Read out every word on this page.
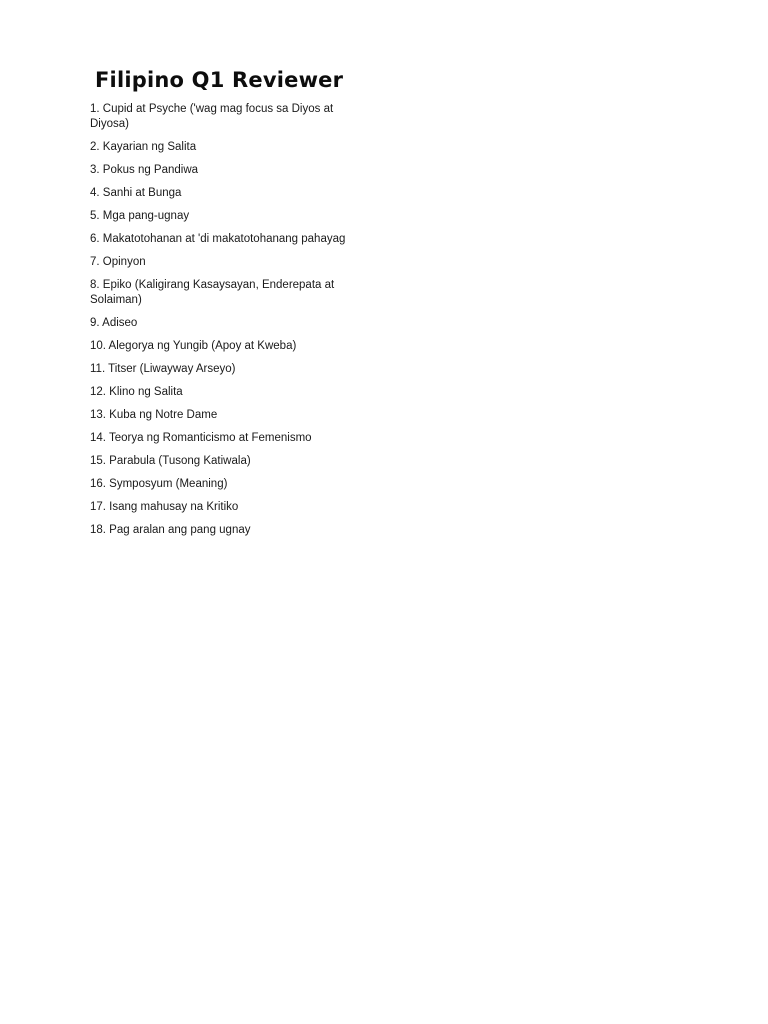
Filipino Q1 Reviewer
1. Cupid at Psyche ('wag mag focus sa Diyos at Diyosa)
2. Kayarian ng Salita
3. Pokus ng Pandiwa
4. Sanhi at Bunga
5. Mga pang-ugnay
6. Makatotohanan at 'di makatotohanang pahayag
7. Opinyon
8. Epiko (Kaligirang Kasaysayan, Enderepata at Solaiman)
9. Adiseo
10. Alegorya ng Yungib (Apoy at Kweba)
11. Titser (Liwayway Arseyo)
12. Klino ng Salita
13. Kuba ng Notre Dame
14. Teorya ng Romanticismo at Femenismo
15. Parabula (Tusong Katiwala)
16. Symposyum (Meaning)
17. Isang mahusay na Kritiko
18. Pag aralan ang pang ugnay
